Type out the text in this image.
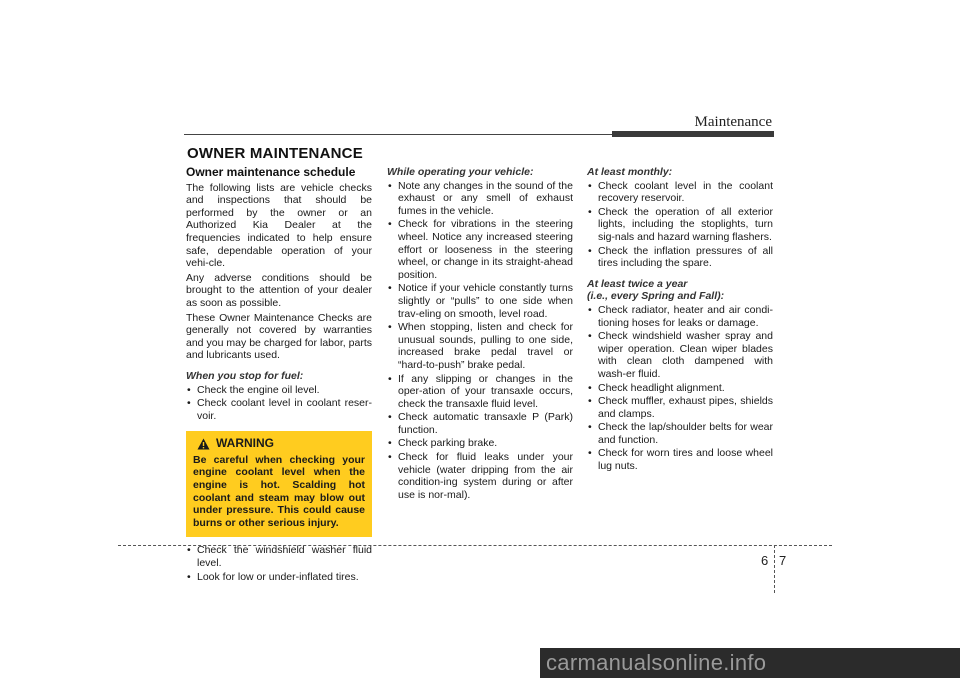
Maintenance
OWNER MAINTENANCE
Owner maintenance schedule

The following lists are vehicle checks and inspections that should be performed by the owner or an Authorized Kia Dealer at the frequencies indicated to help ensure safe, dependable operation of your vehi-cle.

Any adverse conditions should be brought to the attention of your dealer as soon as possible.

These Owner Maintenance Checks are generally not covered by warranties and you may be charged for labor, parts and lubricants used.

When you stop for fuel:
• Check the engine oil level.
• Check coolant level in coolant reser-voir.
WARNING
Be careful when checking your engine coolant level when the engine is hot. Scalding hot coolant and steam may blow out under pressure. This could cause burns or other serious injury.
• Check the windshield washer fluid level.
• Look for low or under-inflated tires.
While operating your vehicle:
• Note any changes in the sound of the exhaust or any smell of exhaust fumes in the vehicle.
• Check for vibrations in the steering wheel. Notice any increased steering effort or looseness in the steering wheel, or change in its straight-ahead position.
• Notice if your vehicle constantly turns slightly or “pulls” to one side when trav-eling on smooth, level road.
• When stopping, listen and check for unusual sounds, pulling to one side, increased brake pedal travel or “hard-to-push” brake pedal.
• If any slipping or changes in the oper-ation of your transaxle occurs, check the transaxle fluid level.
• Check automatic transaxle P (Park) function.
• Check parking brake.
• Check for fluid leaks under your vehicle (water dripping from the air condition-ing system during or after use is nor-mal).
At least monthly:
• Check coolant level in the coolant recovery reservoir.
• Check the operation of all exterior lights, including the stoplights, turn sig-nals and hazard warning flashers.
• Check the inflation pressures of all tires including the spare.
At least twice a year
(i.e., every Spring and Fall):
• Check radiator, heater and air condi-tioning hoses for leaks or damage.
• Check windshield washer spray and wiper operation. Clean wiper blades with clean cloth dampened with wash-er fluid.
• Check headlight alignment.
• Check muffler, exhaust pipes, shields and clamps.
• Check the lap/shoulder belts for wear and function.
• Check for worn tires and loose wheel lug nuts.
6 7
carmanualsonline.info
